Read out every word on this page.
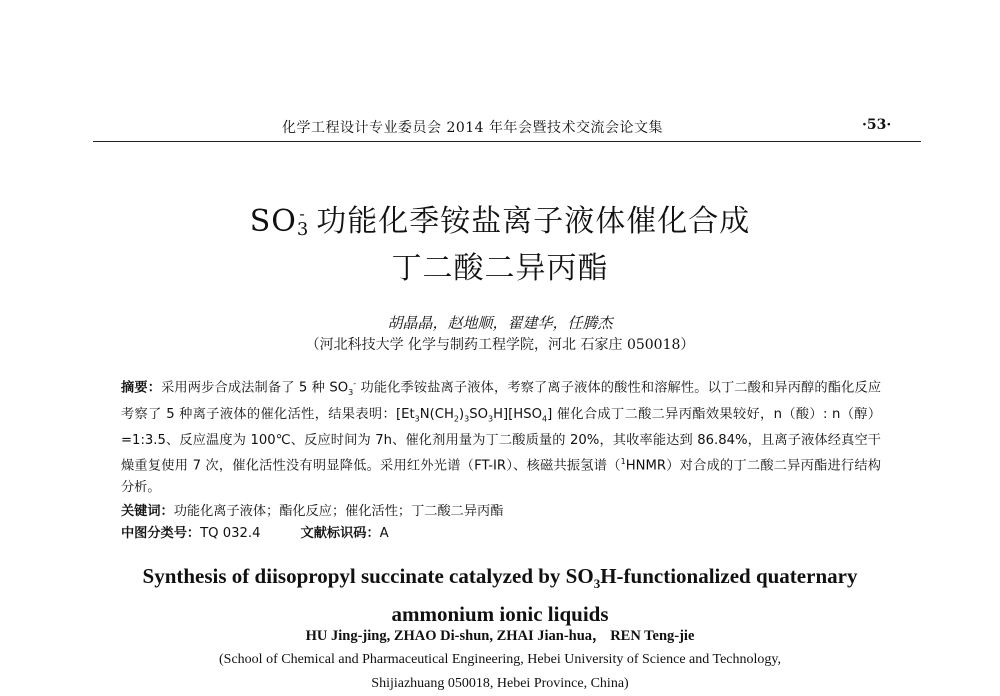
化学工程设计专业委员会 2014 年年会暨技术交流会论文集	·53·
$SO_3^-$ 功能化季铵盐离子液体催化合成
丁二酸二异丙酯
胡晶晶，赵地顺，翟建华，任腾杰
（河北科技大学 化学与制药工程学院，河北 石家庄 050018）
摘要：采用两步合成法制备了 5 种 $SO_3^-$ 功能化季铵盐离子液体，考察了离子液体的酸性和溶解性。以丁二酸和异丙醇的酯化反应考察了 5 种离子液体的催化活性，结果表明：$[Et_3N(CH_2)_3SO_3H][HSO_4]$ 催化合成丁二酸二异丙酯效果较好，n（酸）: n（醇）=1:3.5、反应温度为 100℃、反应时间为 7h、催化剂用量为丁二酸质量的 20%，其收率能达到 86.84%，且离子液体经真空干燥重复使用 7 次，催化活性没有明显降低。采用红外光谱（FT-IR）、核磁共振氢谱（$^1$HNMR）对合成的丁二酸二异丙酯进行结构分析。
关键词：功能化离子液体；酯化反应；催化活性；丁二酸二异丙酯
中图分类号：TQ 032.4	文献标识码：A
Synthesis of diisopropyl succinate catalyzed by $SO_3H$-functionalized quaternary
ammonium ionic liquids
HU Jing-jing, ZHAO Di-shun, ZHAI Jian-hua， REN Teng-jie
(School of Chemical and Pharmaceutical Engineering, Hebei University of Science and Technology,
Shijiazhuang 050018, Hebei Province, China)
